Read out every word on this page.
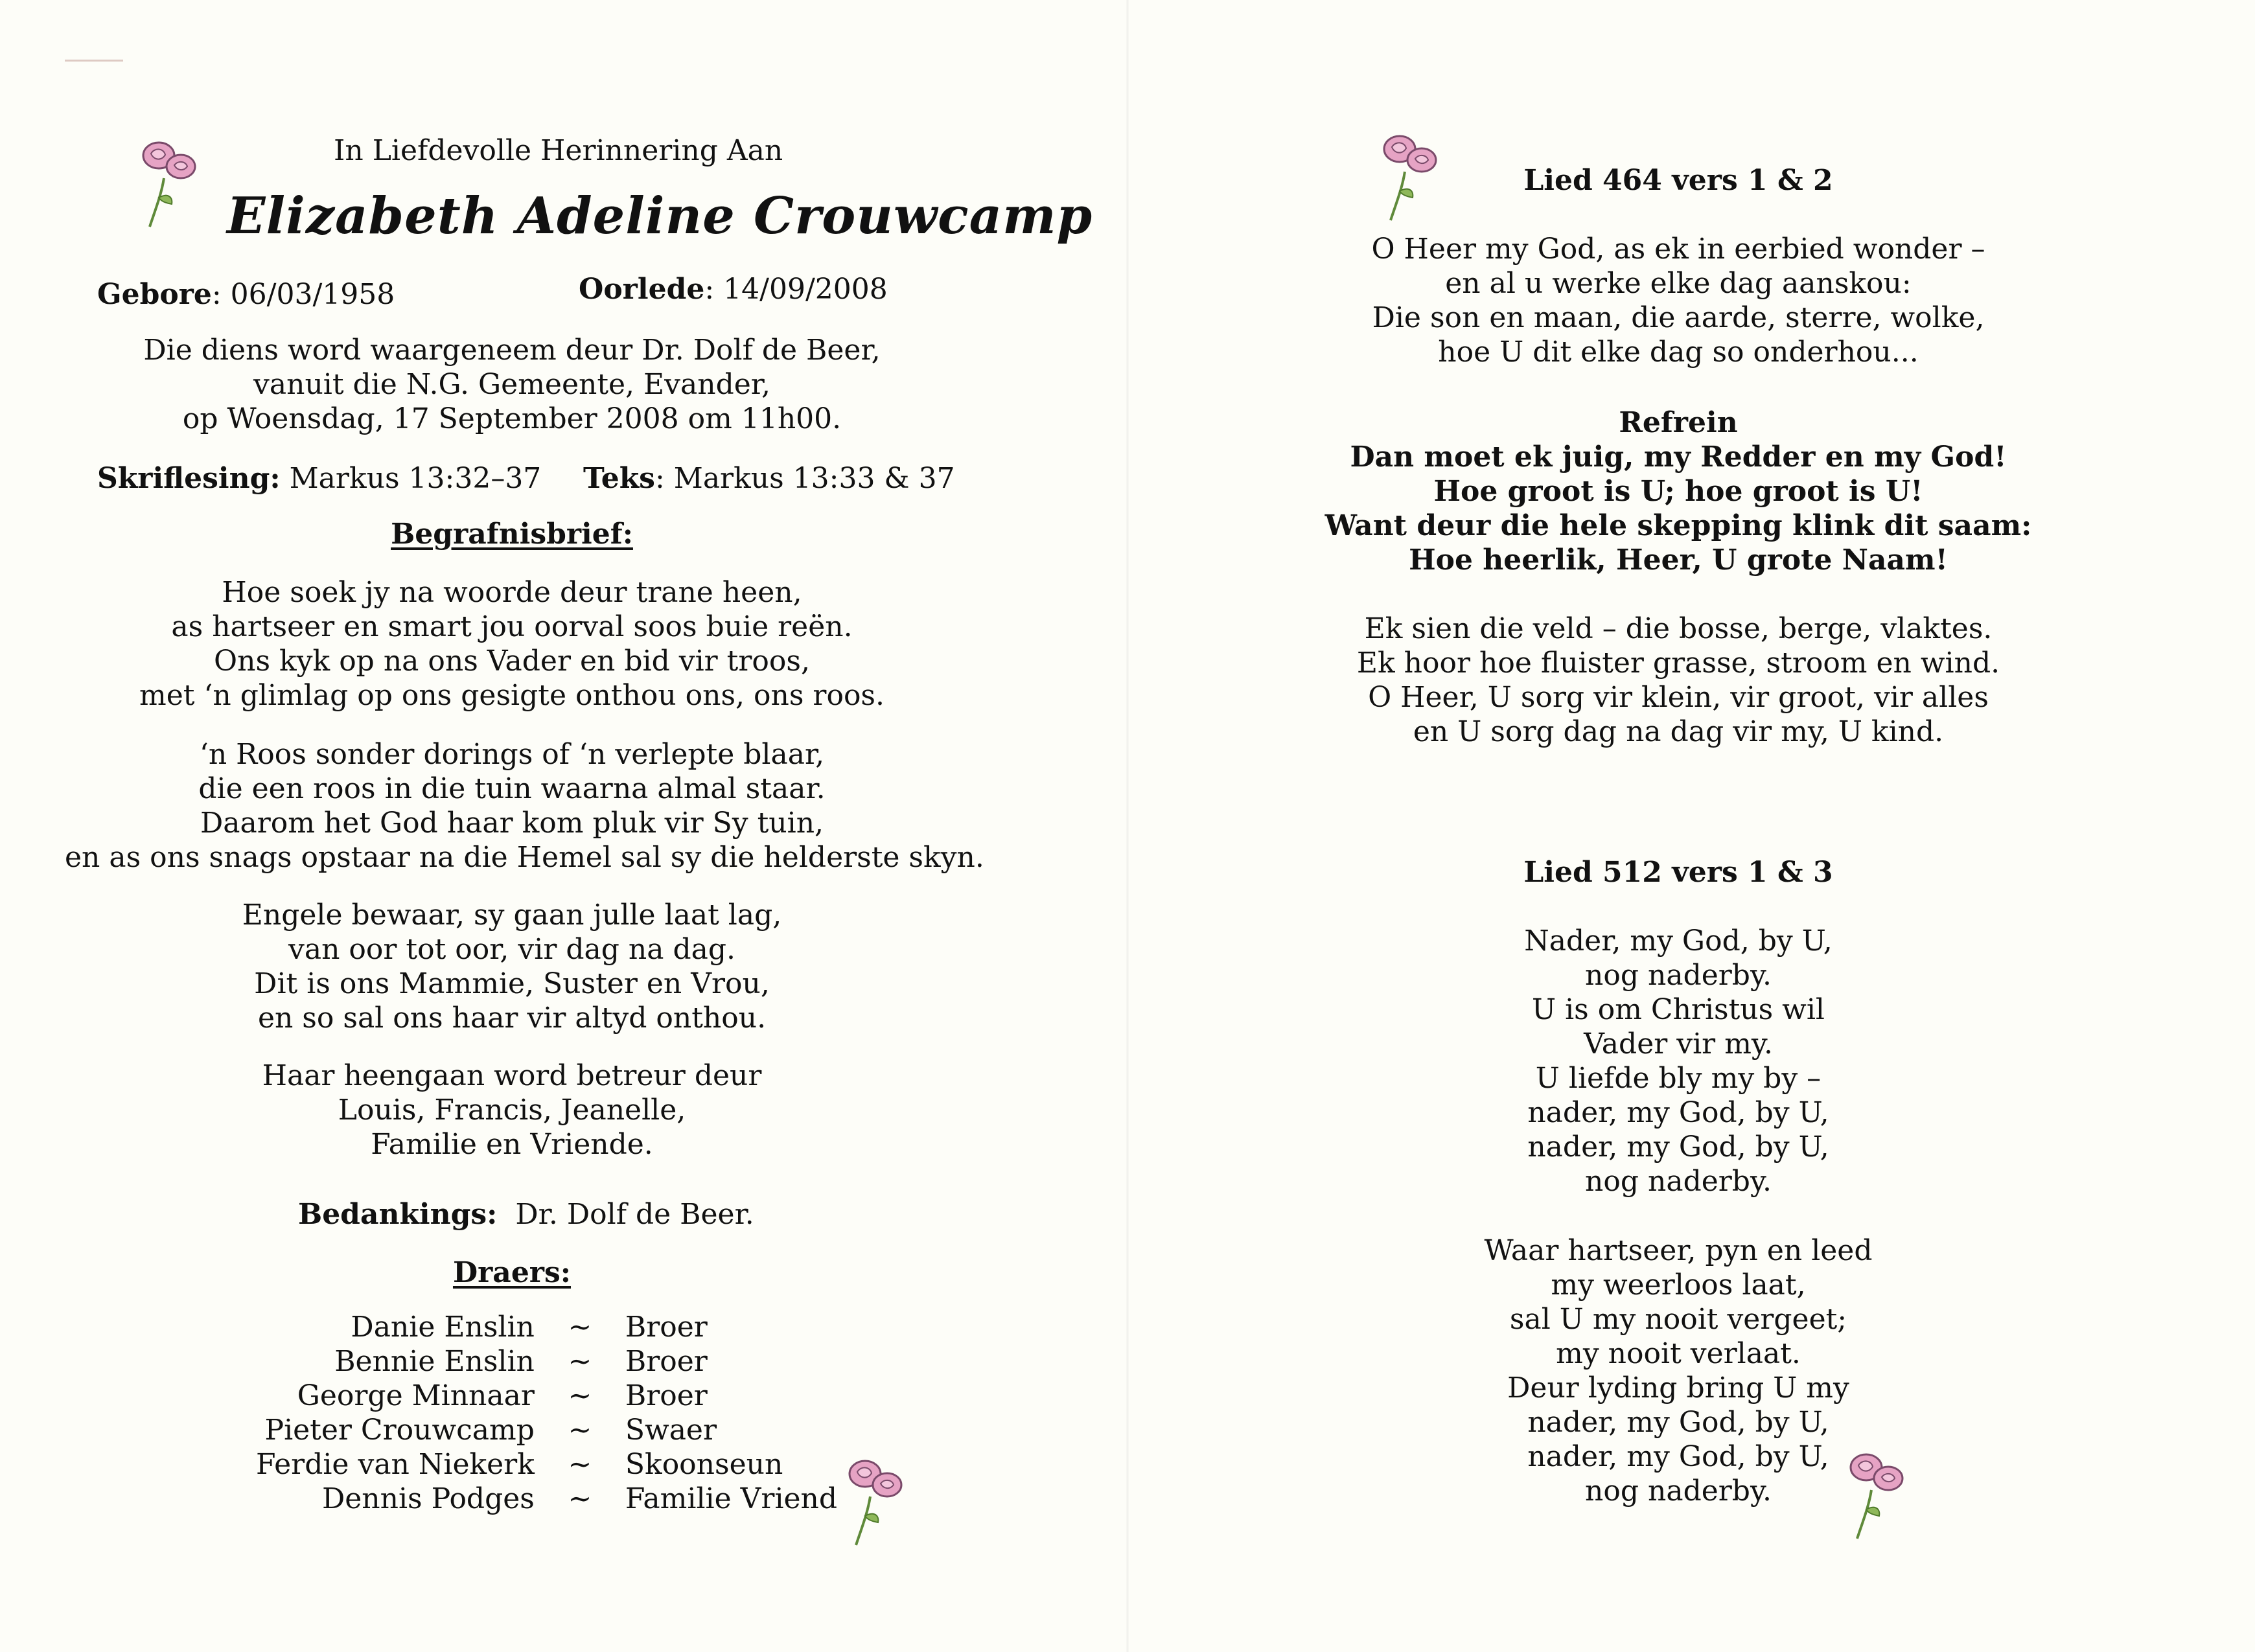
In Liefdevolle Herinnering Aan
Elizabeth Adeline Crouwcamp
Gebore: 06/03/1958	Oorlede: 14/09/2008
Die diens word waargeneem deur Dr. Dolf de Beer,
vanuit die N.G. Gemeente, Evander,
op Woensdag, 17 September 2008 om 11h00.
Skriflesing: Markus 13:32–37 Teks: Markus 13:33 & 37
Begrafnisbrief:
Hoe soek jy na woorde deur trane heen,
as hartseer en smart jou oorval soos buie reën.
Ons kyk op na ons Vader en bid vir troos,
met ‘n glimlag op ons gesigte onthou ons, ons roos.
‘n Roos sonder dorings of ‘n verlepte blaar,
die een roos in die tuin waarna almal staar.
Daarom het God haar kom pluk vir Sy tuin,
en as ons snags opstaar na die Hemel sal sy die helderste skyn.
Engele bewaar, sy gaan julle laat lag,
van oor tot oor, vir dag na dag.
Dit is ons Mammie, Suster en Vrou,
en so sal ons haar vir altyd onthou.
Haar heengaan word betreur deur
Louis, Francis, Jeanelle,
Familie en Vriende.
Bedankings: Dr. Dolf de Beer.
Draers:
Danie Enslin	~	Broer
Bennie Enslin	~	Broer
George Minnaar	~	Broer
Pieter Crouwcamp	~	Swaer
Ferdie van Niekerk	~	Skoonseun
Dennis Podges	~	Familie Vriend
Lied 464 vers 1 & 2
O Heer my God, as ek in eerbied wonder –
en al u werke elke dag aanskou:
Die son en maan, die aarde, sterre, wolke,
hoe U dit elke dag so onderhou...
Refrein
Dan moet ek juig, my Redder en my God!
Hoe groot is U; hoe groot is U!
Want deur die hele skepping klink dit saam:
Hoe heerlik, Heer, U grote Naam!
Ek sien die veld – die bosse, berge, vlaktes.
Ek hoor hoe fluister grasse, stroom en wind.
O Heer, U sorg vir klein, vir groot, vir alles
en U sorg dag na dag vir my, U kind.
Lied 512 vers 1 & 3
Nader, my God, by U,
nog naderby.
U is om Christus wil
Vader vir my.
U liefde bly my by –
nader, my God, by U,
nader, my God, by U,
nog naderby.
Waar hartseer, pyn en leed
my weerloos laat,
sal U my nooit vergeet;
my nooit verlaat.
Deur lyding bring U my
nader, my God, by U,
nader, my God, by U,
nog naderby.
